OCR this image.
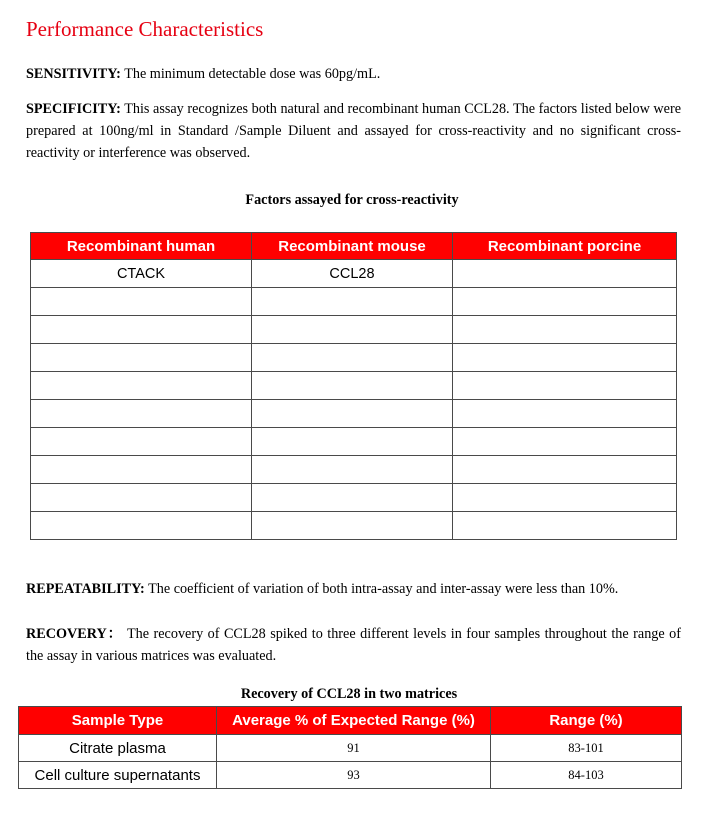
Performance Characteristics
SENSITIVITY: The minimum detectable dose was 60pg/mL.
SPECIFICITY: This assay recognizes both natural and recombinant human CCL28. The factors listed below were prepared at 100ng/ml in Standard /Sample Diluent and assayed for cross-reactivity and no significant cross-reactivity or interference was observed.
Factors assayed for cross-reactivity
Recombinant human	Recombinant mouse	Recombinant porcine
CTACK	CCL28	

REPEATABILITY: The coefficient of variation of both intra-assay and inter-assay were less than 10%.
RECOVERY： The recovery of CCL28 spiked to three different levels in four samples throughout the range of the assay in various matrices was evaluated.
Recovery of CCL28 in two matrices
Sample Type	Average % of Expected Range (%)	Range (%)
Citrate plasma	91	83-101
Cell culture supernatants	93	84-103
